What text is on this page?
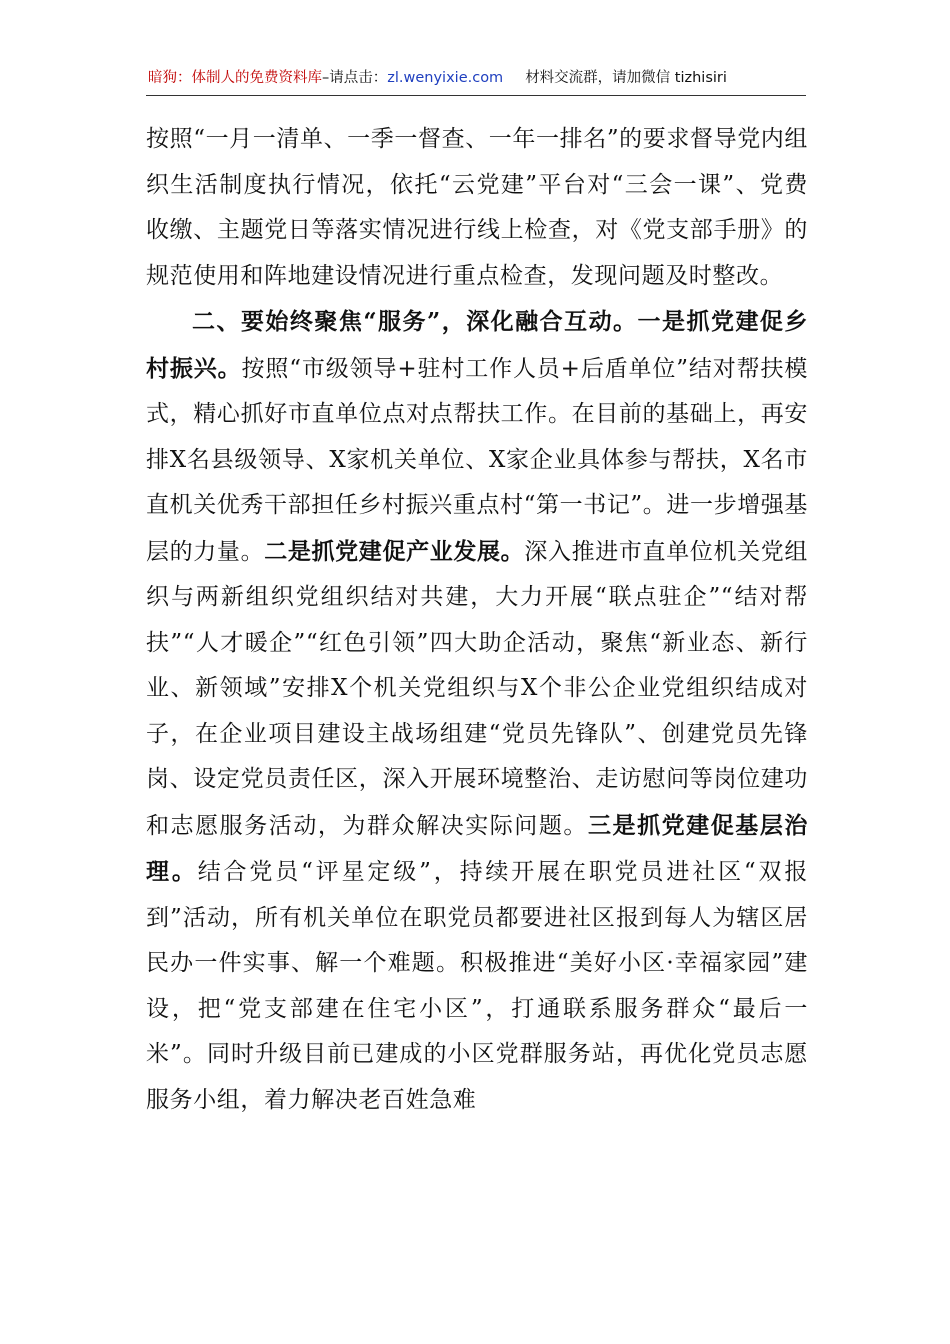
暗狗：体制人的免费资料库 –请点击： zl.wenyixie.com 材料交流群，请加微信 tizhisiri

按照“一月一清单、一季一督查、一年一排名”的要求督导党内组织生活制度执行情况，依托“云党建”平台对“三会一课”、党费收缴、主题党日等落实情况进行线上检查，对《党支部手册》的规范使用和阵地建设情况进行重点检查，发现问题及时整改。

二、要始终聚焦“服务”，深化融合互动。一是抓党建促乡村振兴。按照“市级领导+驻村工作人员+后盾单位”结对帮扶模式，精心抓好市直单位点对点帮扶工作。在目前的基础上，再安排X名县级领导、X家机关单位、X家企业具体参与帮扶，X名市直机关优秀干部担任乡村振兴重点村“第一书记”。进一步增强基层的力量。二是抓党建促产业发展。深入推进市直单位机关党组织与两新组织党组织结对共建，大力开展“联点驻企”“结对帮扶”“人才暖企”“红色引领”四大助企活动，聚焦“新业态、新行业、新领域”安排X个机关党组织与X个非公企业党组织结成对子，在企业项目建设主战场组建“党员先锋队”、创建党员先锋岗、设定党员责任区，深入开展环境整治、走访慰问等岗位建功和志愿服务活动，为群众解决实际问题。三是抓党建促基层治理。结合党员“评星定级”，持续开展在职党员进社区“双报到”活动，所有机关单位在职党员都要进社区报到每人为辖区居民办一件实事、解一个难题。积极推进“美好小区·幸福家园”建设，把“党支部建在住宅小区”，打通联系服务群众“最后一米”。同时升级目前已建成的小区党群服务站，再优化党员志愿服务小组，着力解决老百姓急难
